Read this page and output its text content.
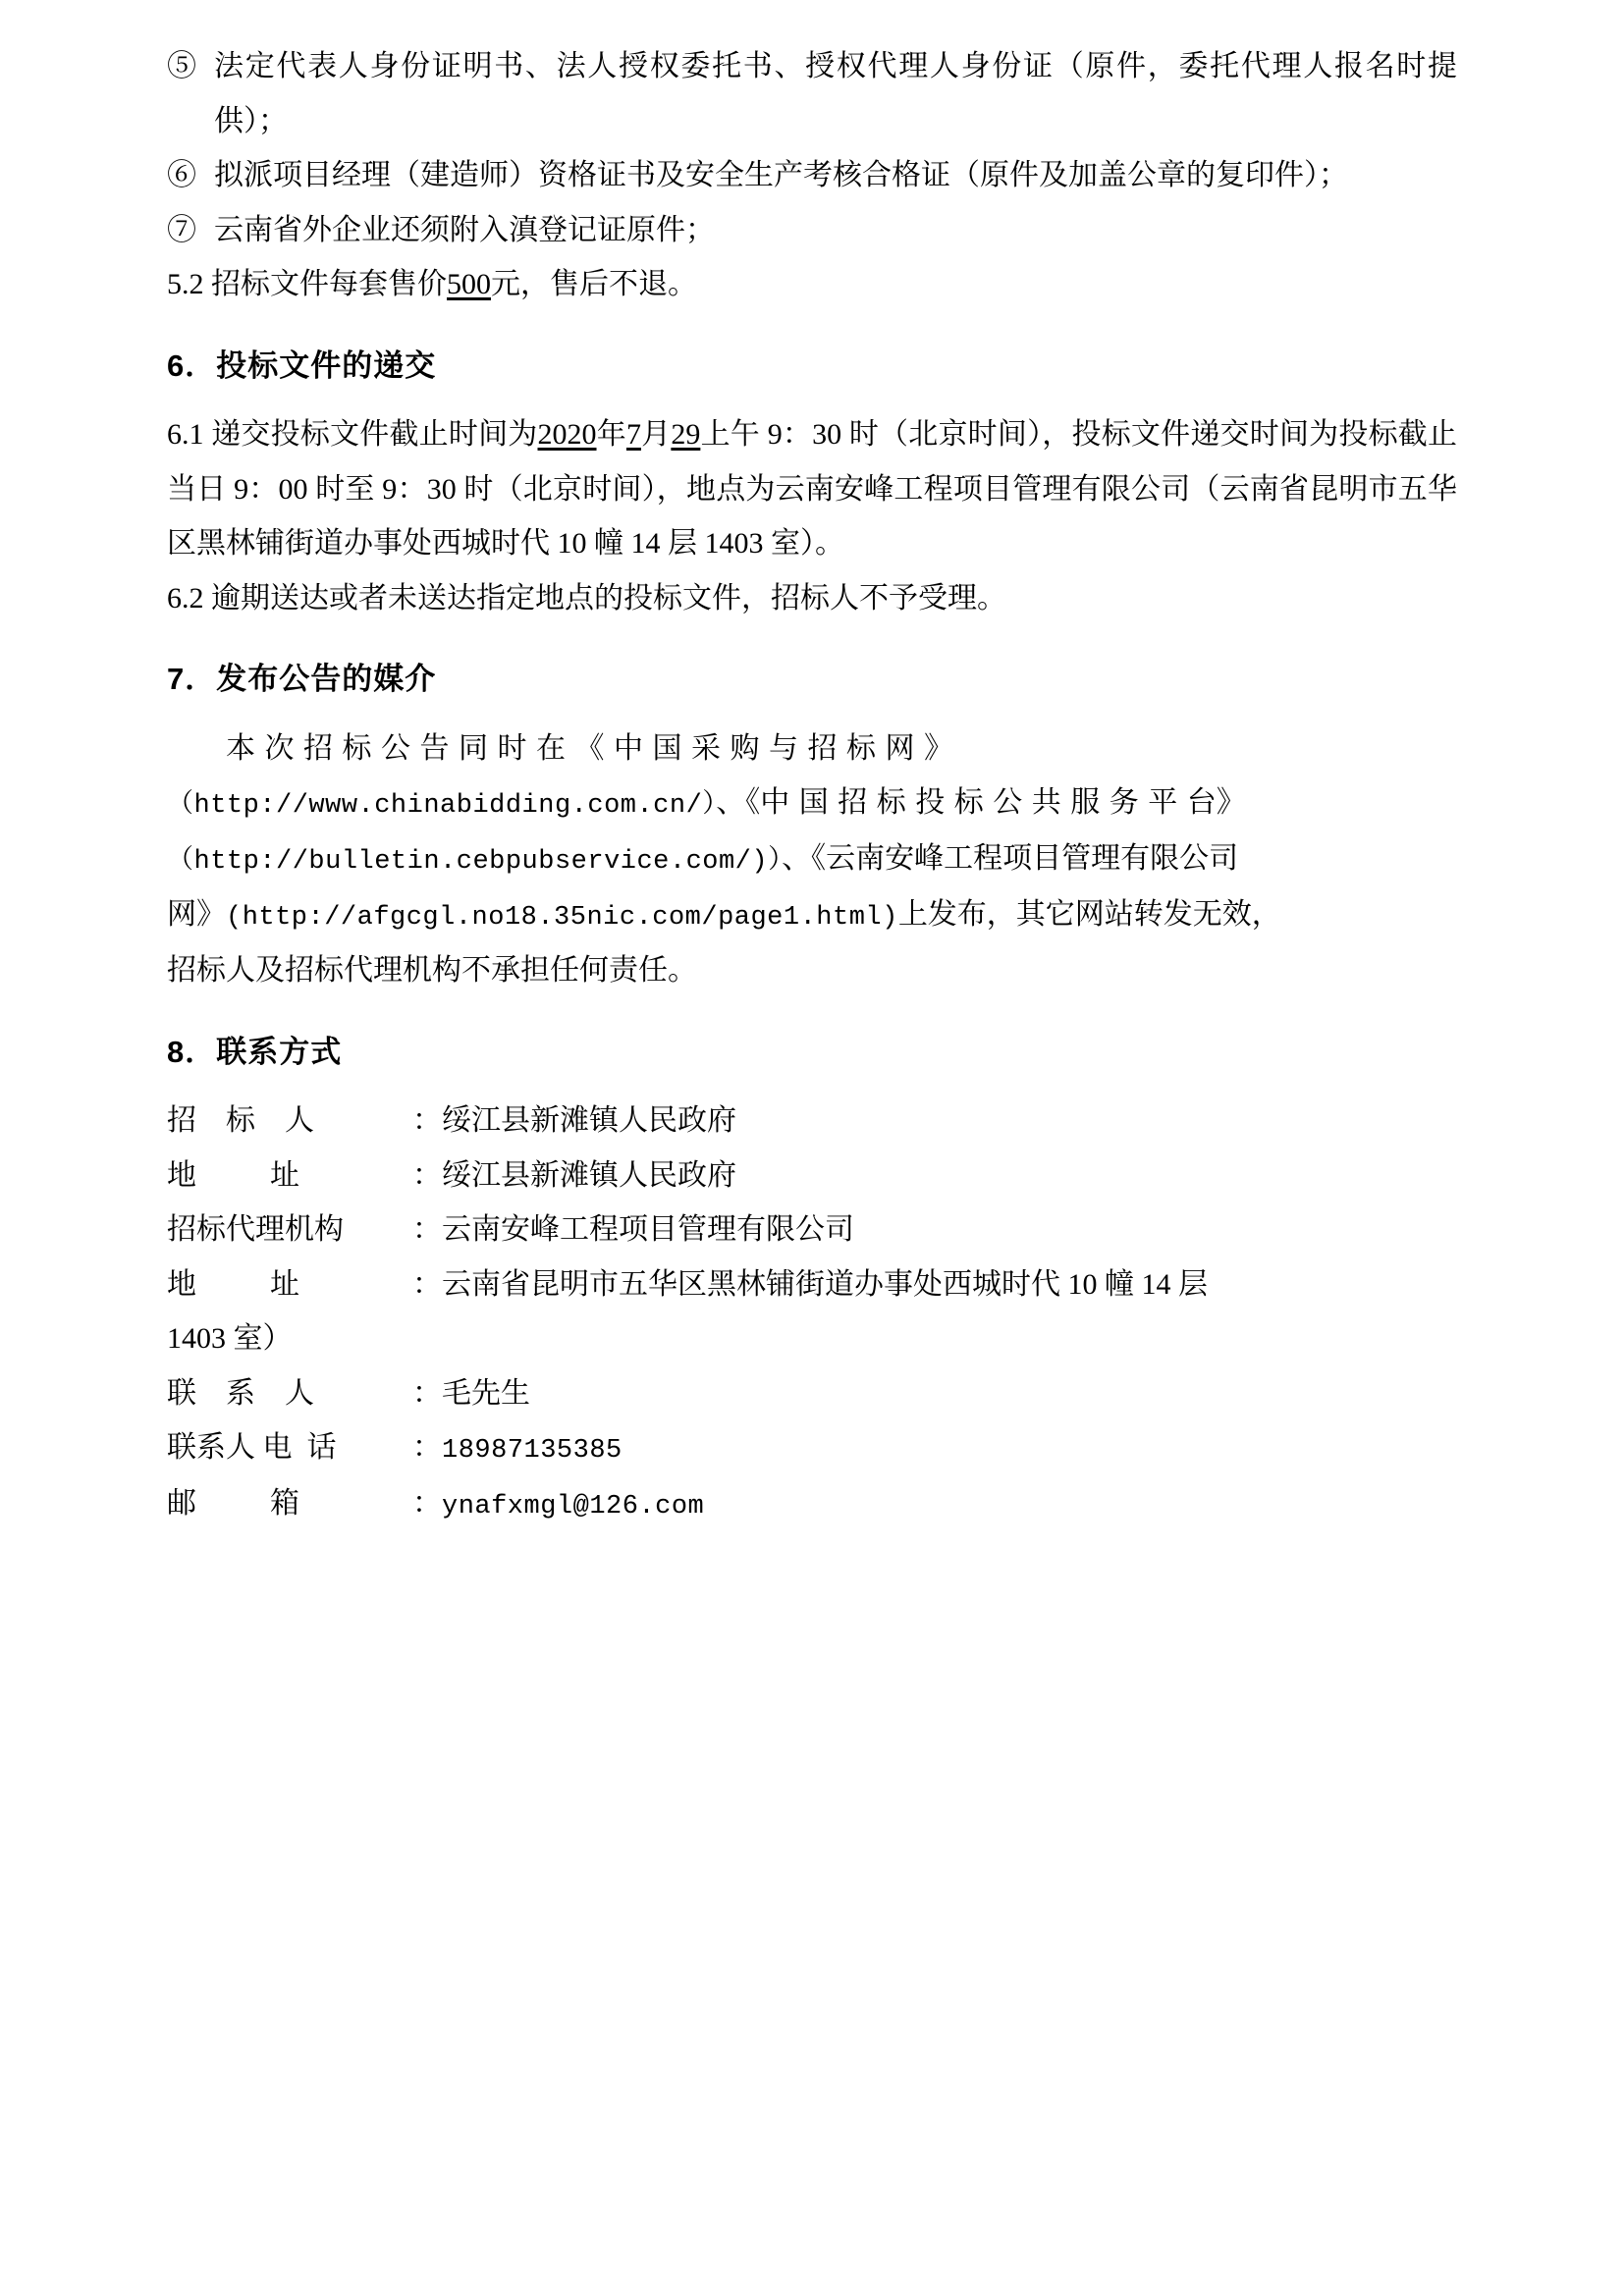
⑤ 法定代表人身份证明书、法人授权委托书、授权代理人身份证（原件，委托代理人报名时提供）；
⑥ 拟派项目经理（建造师）资格证书及安全生产考核合格证（原件及加盖公章的复印件）；
⑦ 云南省外企业还须附入滇登记证原件；

5.2 招标文件每套售价500元，售后不退。

6．投标文件的递交

6.1 递交投标文件截止时间为2020年7月29上午 9：30 时（北京时间），投标文件递交时间为投标截止当日 9：00 时至 9：30 时（北京时间），地点为云南安峰工程项目管理有限公司（云南省昆明市五华区黑林铺街道办事处西城时代 10 幢 14 层 1403 室）。

6.2 逾期送达或者未送达指定地点的投标文件，招标人不予受理。

7．发布公告的媒介

本 次 招 标 公 告 同 时 在 《 中 国 采 购 与 招 标 网 》

（http://www.chinabidding.com.cn/）、《中 国 招 标 投 标 公 共 服 务 平 台》

（http://bulletin.cebpubservice.com/)）、《云南安峰工程项目管理有限公司

网》(http://afgcgl.no18.35nic.com/page1.html)上发布，其它网站转发无效，

招标人及招标代理机构不承担任何责任。

8．联系方式
招    标    人	： 绥江县新滩镇人民政府
地          址	： 绥江县新滩镇人民政府
招标代理机构	： 云南安峰工程项目管理有限公司
地          址	： 云南省昆明市五华区黑林铺街道办事处西城时代 10 幢 14 层

1403 室）

联    系    人	： 毛先生
联系人 电  话	： 18987135385
邮          箱	： ynafxmgl@126.com
